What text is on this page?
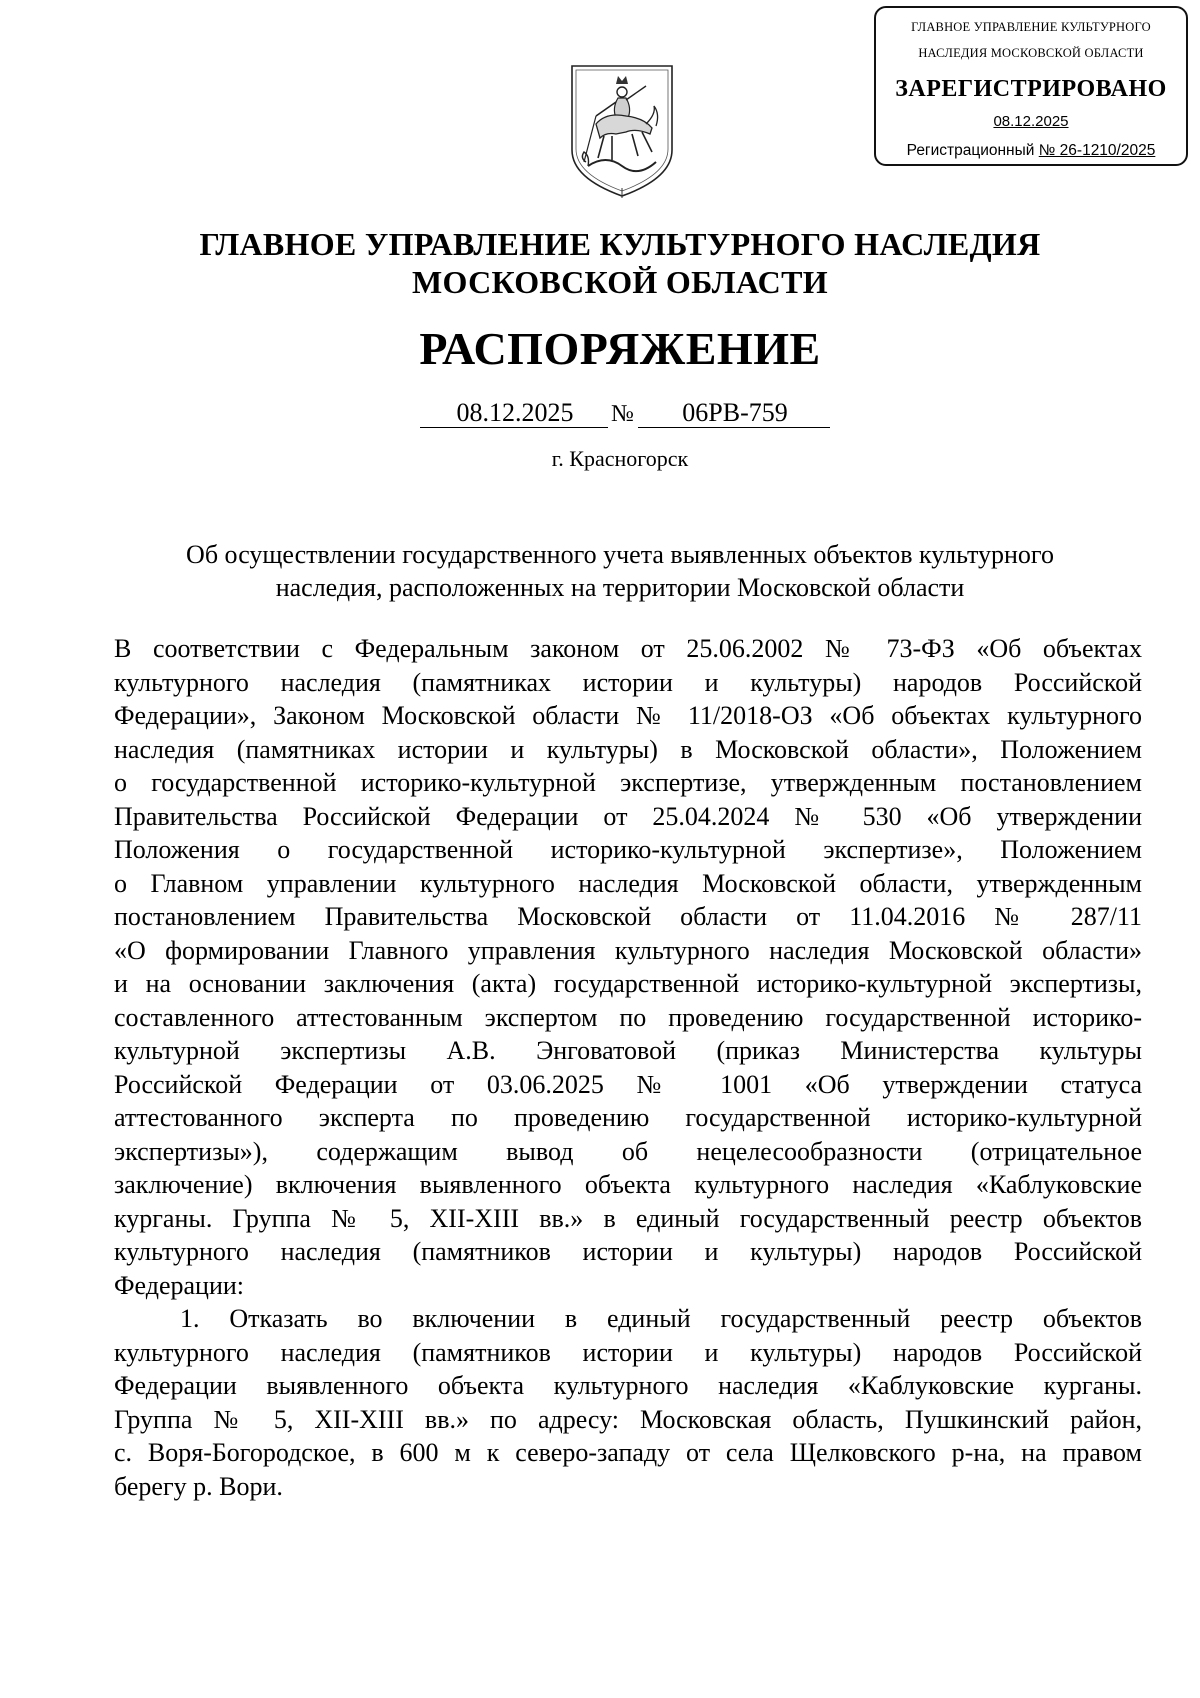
ГЛАВНОЕ УПРАВЛЕНИЕ КУЛЬТУРНОГО
НАСЛЕДИЯ МОСКОВСКОЙ ОБЛАСТИ
ЗАРЕГИСТРИРОВАНО
08.12.2025
Регистрационный № 26-1210/2025
ГЛАВНОЕ УПРАВЛЕНИЕ КУЛЬТУРНОГО НАСЛЕДИЯ
МОСКОВСКОЙ ОБЛАСТИ
РАСПОРЯЖЕНИЕ
08.12.2025	№	06РВ-759
г. Красногорск
Об осуществлении государственного учета выявленных объектов культурного
наследия, расположенных на территории Московской области
В соответствии с Федеральным законом от 25.06.2002 № 73-ФЗ «Об объектах
культурного наследия (памятниках истории и культуры) народов Российской
Федерации», Законом Московской области № 11/2018-ОЗ «Об объектах культурного
наследия (памятниках истории и культуры) в Московской области», Положением
о государственной историко-культурной экспертизе, утвержденным постановлением
Правительства Российской Федерации от 25.04.2024 № 530 «Об утверждении
Положения о государственной историко-культурной экспертизе», Положением
о Главном управлении культурного наследия Московской области, утвержденным
постановлением Правительства Московской области от 11.04.2016 № 287/11
«О формировании Главного управления культурного наследия Московской области»
и на основании заключения (акта) государственной историко-культурной экспертизы,
составленного аттестованным экспертом по проведению государственной историко-
культурной экспертизы А.В. Энговатовой (приказ Министерства культуры
Российской Федерации от 03.06.2025 № 1001 «Об утверждении статуса
аттестованного эксперта по проведению государственной историко-культурной
экспертизы»), содержащим вывод об нецелесообразности (отрицательное
заключение) включения выявленного объекта культурного наследия «Каблуковские
курганы. Группа № 5, XII-XIII вв.» в единый государственный реестр объектов
культурного наследия (памятников истории и культуры) народов Российской
Федерации:
1. Отказать во включении в единый государственный реестр объектов
культурного наследия (памятников истории и культуры) народов Российской
Федерации выявленного объекта культурного наследия «Каблуковские курганы.
Группа № 5, XII-XIII вв.» по адресу: Московская область, Пушкинский район,
с. Воря-Богородское, в 600 м к северо-западу от села Щелковского р-на, на правом
берегу р. Вори.
